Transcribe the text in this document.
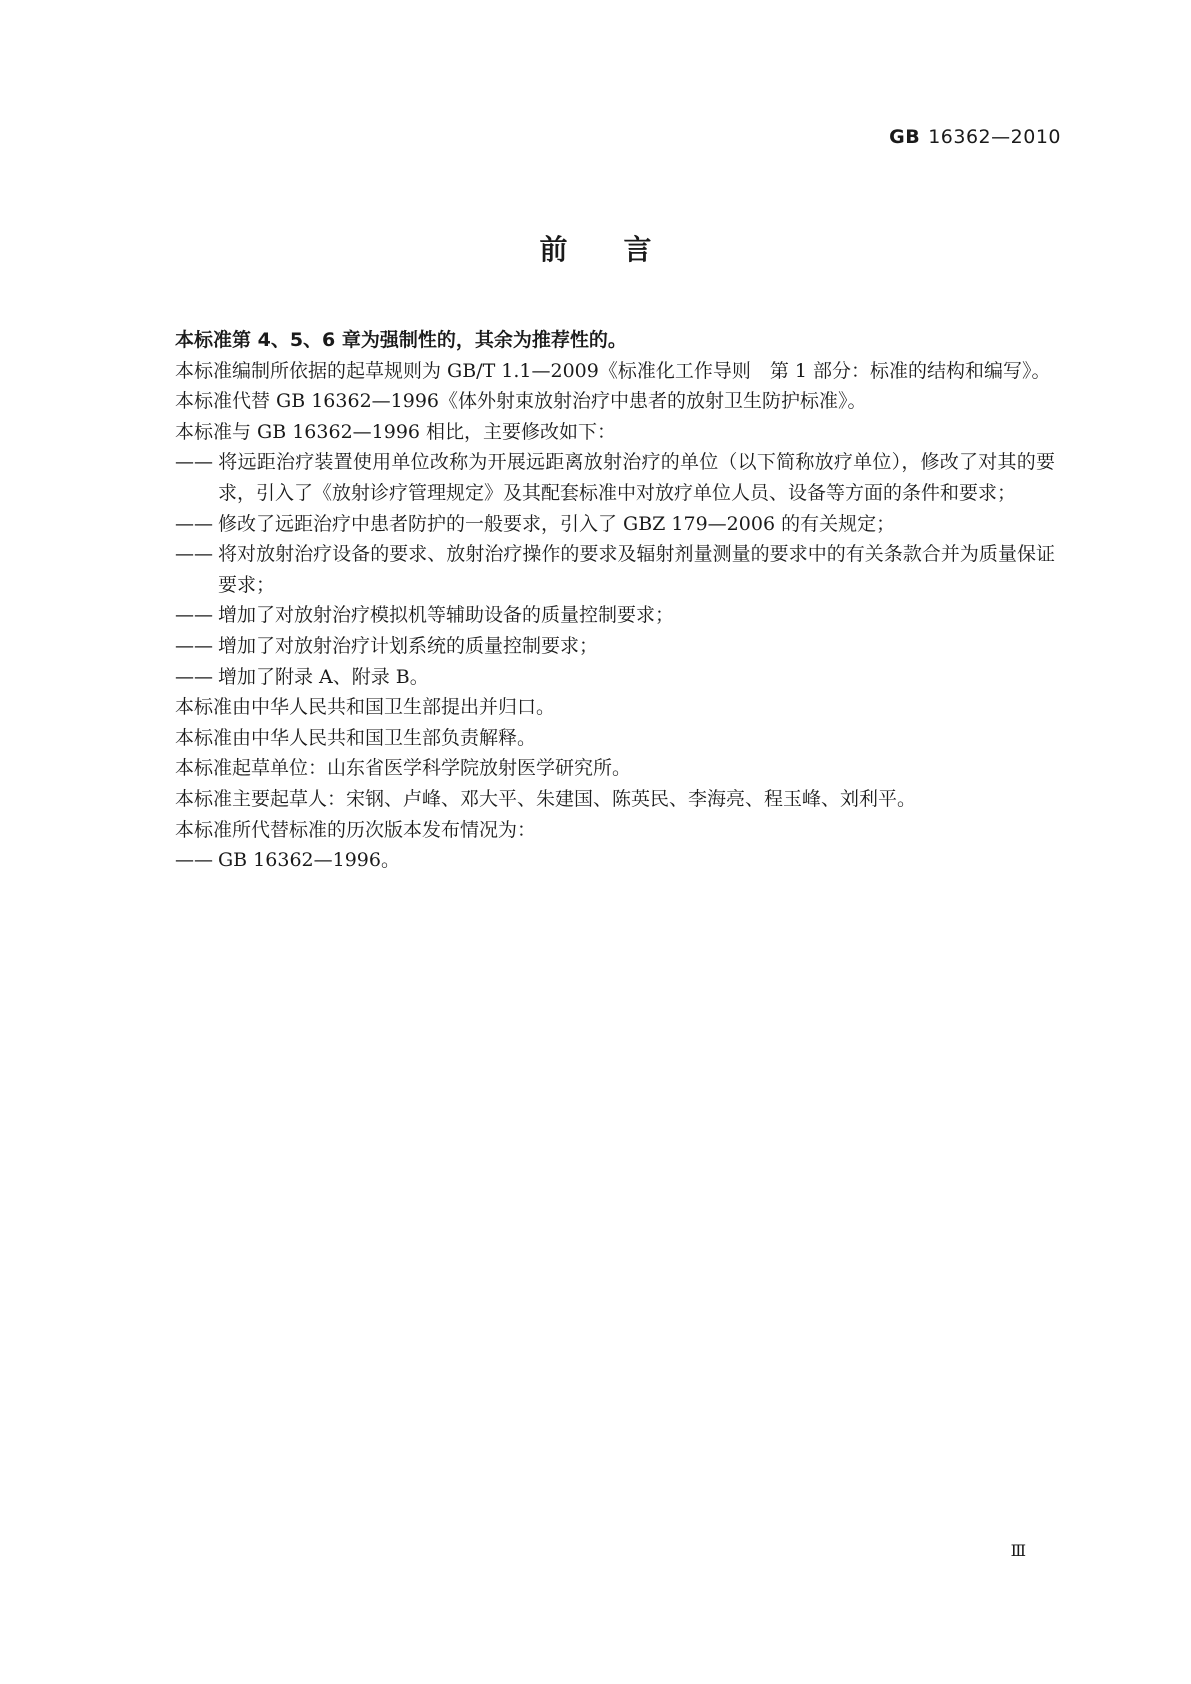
GB 16362—2010
前言

本标准第 4、5、6 章为强制性的，其余为推荐性的。

本标准编制所依据的起草规则为 GB/T 1.1—2009《标准化工作导则　第 1 部分：标准的结构和编写》。

本标准代替 GB 16362—1996《体外射束放射治疗中患者的放射卫生防护标准》。

本标准与 GB 16362—1996 相比，主要修改如下：

—— 将远距治疗装置使用单位改称为开展远距离放射治疗的单位（以下简称放疗单位），修改了对其的要求，引入了《放射诊疗管理规定》及其配套标准中对放疗单位人员、设备等方面的条件和要求；

—— 修改了远距治疗中患者防护的一般要求，引入了 GBZ 179—2006 的有关规定；

—— 将对放射治疗设备的要求、放射治疗操作的要求及辐射剂量测量的要求中的有关条款合并为质量保证要求；

—— 增加了对放射治疗模拟机等辅助设备的质量控制要求；

—— 增加了对放射治疗计划系统的质量控制要求；

—— 增加了附录 A、附录 B。

本标准由中华人民共和国卫生部提出并归口。

本标准由中华人民共和国卫生部负责解释。

本标准起草单位：山东省医学科学院放射医学研究所。

本标准主要起草人：宋钢、卢峰、邓大平、朱建国、陈英民、李海亮、程玉峰、刘利平。

本标准所代替标准的历次版本发布情况为：

—— GB 16362—1996。

Ⅲ
